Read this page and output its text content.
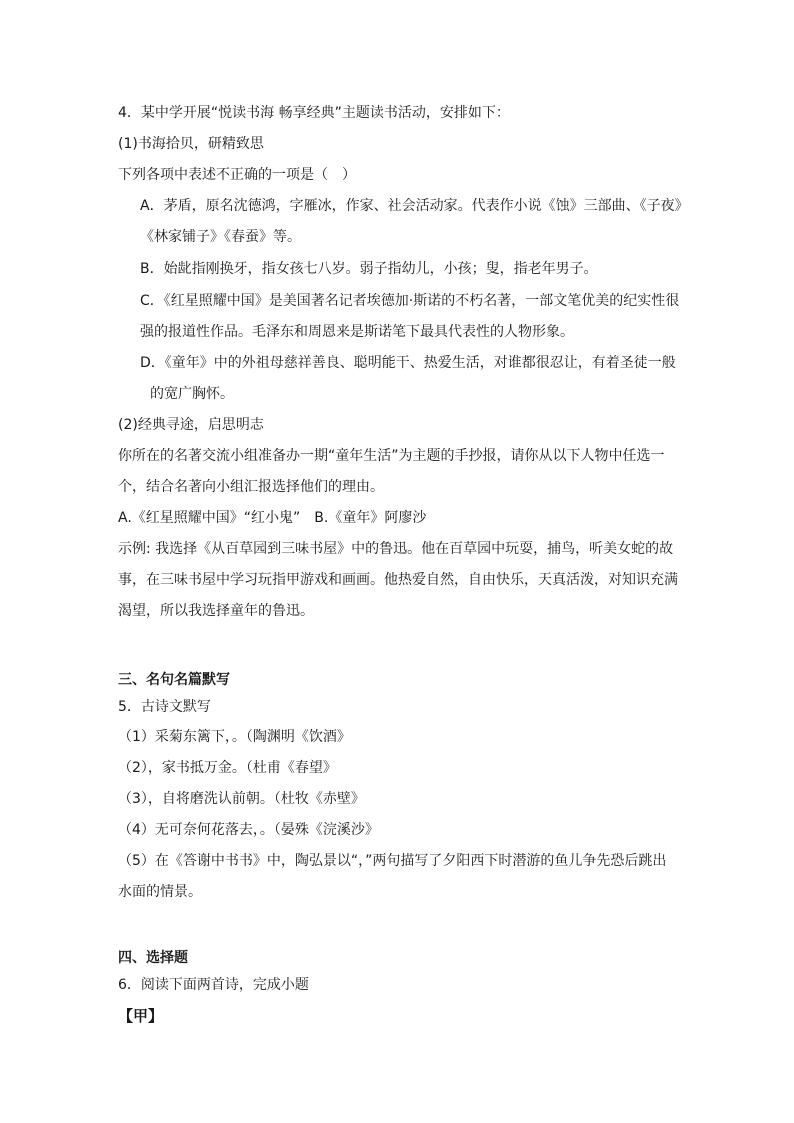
4．某中学开展“悦读书海 畅享经典”主题读书活动，安排如下：
(1)书海拾贝，研精致思
下列各项中表述不正确的一项是（　）
A．茅盾，原名沈德鸿，字雁冰，作家、社会活动家。代表作小说《蚀》三部曲、《子夜》
《林家铺子》《春蚕》等。
B．始龀指刚换牙，指女孩七八岁。弱子指幼儿，小孩；叟，指老年男子。
C．《红星照耀中国》是美国著名记者埃德加·斯诺的不朽名著，一部文笔优美的纪实性很
强的报道性作品。毛泽东和周恩来是斯诺笔下最具代表性的人物形象。
D．《童年》中的外祖母慈祥善良、聪明能干、热爱生活，对谁都很忍让，有着圣徒一般
的宽广胸怀。
(2)经典寻途，启思明志
你所在的名著交流小组准备办一期“童年生活”为主题的手抄报，请你从以下人物中任选一
个，结合名著向小组汇报选择他们的理由。
A.《红星照耀中国》“红小鬼”　B.《童年》阿廖沙
示例: 我选择《从百草园到三味书屋》中的鲁迅。他在百草园中玩耍，捕鸟，听美女蛇的故
事，在三味书屋中学习玩指甲游戏和画画。他热爱自然，自由快乐，天真活泼，对知识充满
渴望，所以我选择童年的鲁迅。
三、名句名篇默写
5．古诗文默写
（1）采菊东篱下，。（陶渊明《饮酒》
（2），家书抵万金。（杜甫《春望》
（3），自将磨洗认前朝。（杜牧《赤壁》
（4）无可奈何花落去，。（晏殊《浣溪沙》
（5）在《答谢中书书》中，陶弘景以“，”两句描写了夕阳西下时潜游的鱼儿争先恐后跳出
水面的情景。
四、选择题
6．阅读下面两首诗，完成小题
【甲】
